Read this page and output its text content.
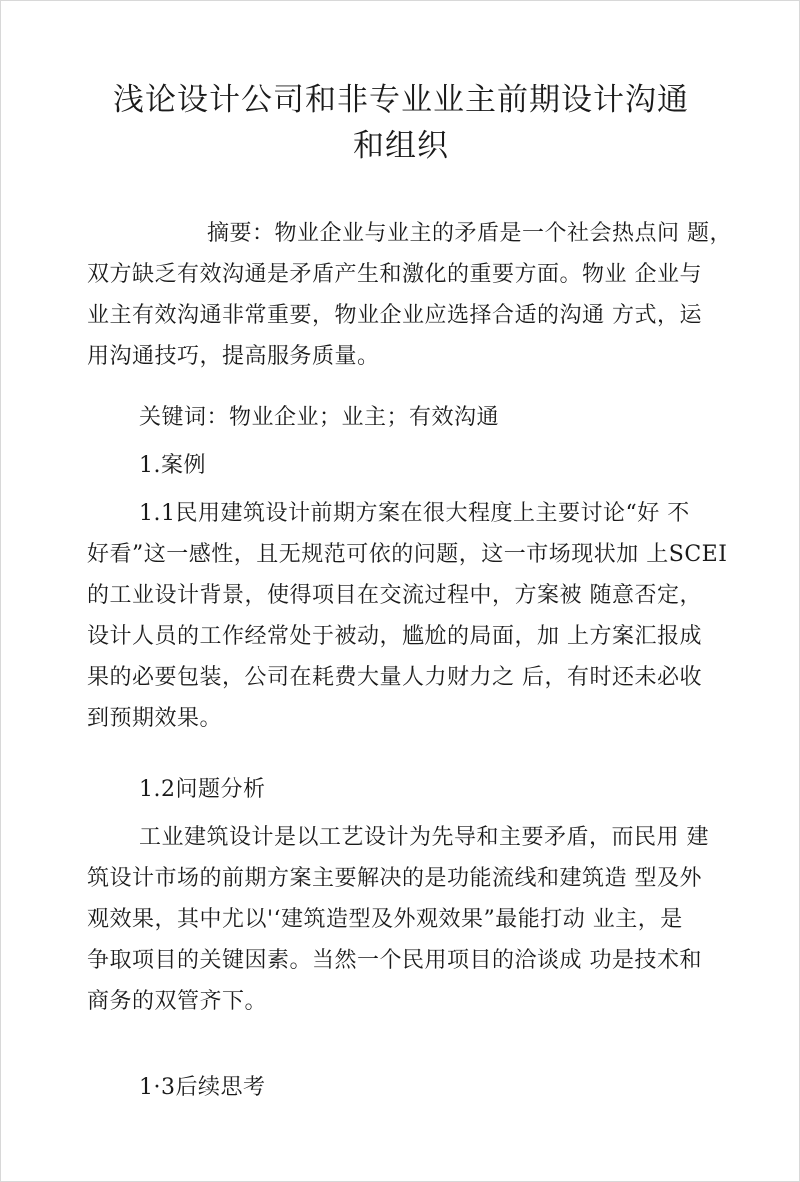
浅论设计公司和非专业业主前期设计沟通
和组织

摘要：物业企业与业主的矛盾是一个社会热点问 题，
双方缺乏有效沟通是矛盾产生和激化的重要方面。物业 企业与
业主有效沟通非常重要，物业企业应选择合适的沟通 方式，运
用沟通技巧，提高服务质量。

关键词：物业企业；业主；有效沟通

1.案例

1.1民用建筑设计前期方案在很大程度上主要讨论“好 不
好看”这一感性，且无规范可依的问题，这一市场现状加 上SCEI
的工业设计背景，使得项目在交流过程中，方案被 随意否定，
设计人员的工作经常处于被动，尴尬的局面，加 上方案汇报成
果的必要包装，公司在耗费大量人力财力之 后，有时还未必收
到预期效果。

1.2问题分析

工业建筑设计是以工艺设计为先导和主要矛盾，而民用 建
筑设计市场的前期方案主要解决的是功能流线和建筑造 型及外
观效果，其中尤以'‘建筑造型及外观效果”最能打动 业主，是
争取项目的关键因素。当然一个民用项目的洽谈成 功是技术和
商务的双管齐下。

1·3后续思考
